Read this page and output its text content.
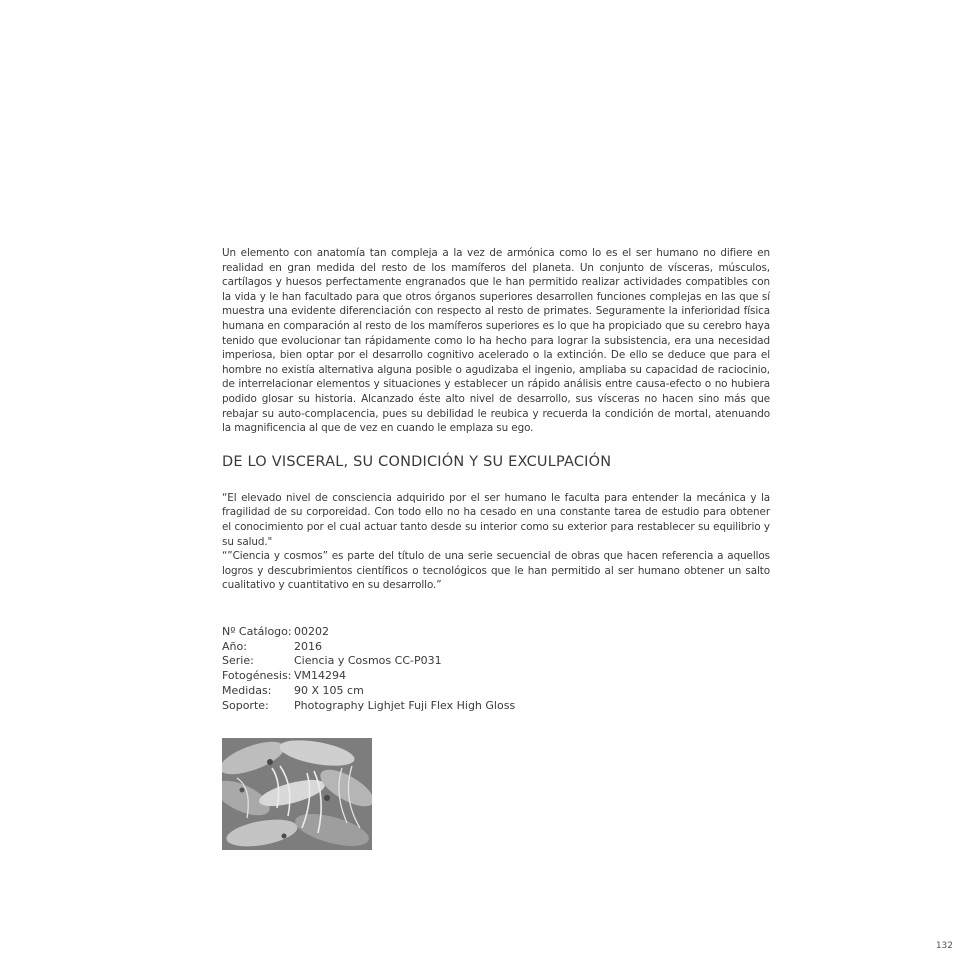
Un elemento con anatomía tan compleja a la vez de armónica como lo es el ser humano no difiere en realidad en gran medida del resto de los mamíferos del planeta. Un conjunto de vísceras, músculos, cartílagos y huesos perfectamente engranados que le han permitido realizar actividades compatibles con la vida y le han facultado para que otros órganos superiores desarrollen funciones complejas en las que sí muestra una evidente diferenciación con respecto al resto de primates. Seguramente la inferioridad física humana en comparación al resto de los mamíferos superiores es lo que ha propiciado que su cerebro haya tenido que evolucionar tan rápidamente como lo ha hecho para lograr la subsistencia, era una necesidad imperiosa, bien optar por el desarrollo cognitivo acelerado o la extinción. De ello se deduce que para el hombre no existía alternativa alguna posible o agudizaba el ingenio, ampliaba su capacidad de raciocinio, de interrelacionar elementos y situaciones y establecer un rápido análisis entre causa-efecto o no hubiera podido glosar su historia. Alcanzado éste alto nivel de desarrollo, sus vísceras no hacen sino más que rebajar su auto-complacencia, pues su debilidad le reubica y recuerda la condición de mortal, atenuando la magnificencia al que de vez en cuando le emplaza su ego.

DE LO VISCERAL, SU CONDICIÓN Y SU EXCULPACIÓN

“El elevado nivel de consciencia adquirido por el ser humano le faculta para entender la mecánica y la fragilidad de su corporeidad. Con todo ello no ha cesado en una constante tarea de estudio para obtener el conocimiento por el cual actuar tanto desde su interior como su exterior para restablecer su equilibrio y su salud."

“”Ciencia y cosmos” es parte del título de una serie secuencial de obras que hacen referencia a aquellos logros y descubrimientos científicos o tecnológicos que le han permitido al ser humano obtener un salto cualitativo y cuantitativo en su desarrollo.”

Nº Catálogo: 00202
Año:	2016
Serie:	Ciencia y Cosmos CC-P031
Fotogénesis: VM14294
Medidas:	90 X 105 cm
Soporte:	Photography Lighjet Fuji Flex High Gloss
132
